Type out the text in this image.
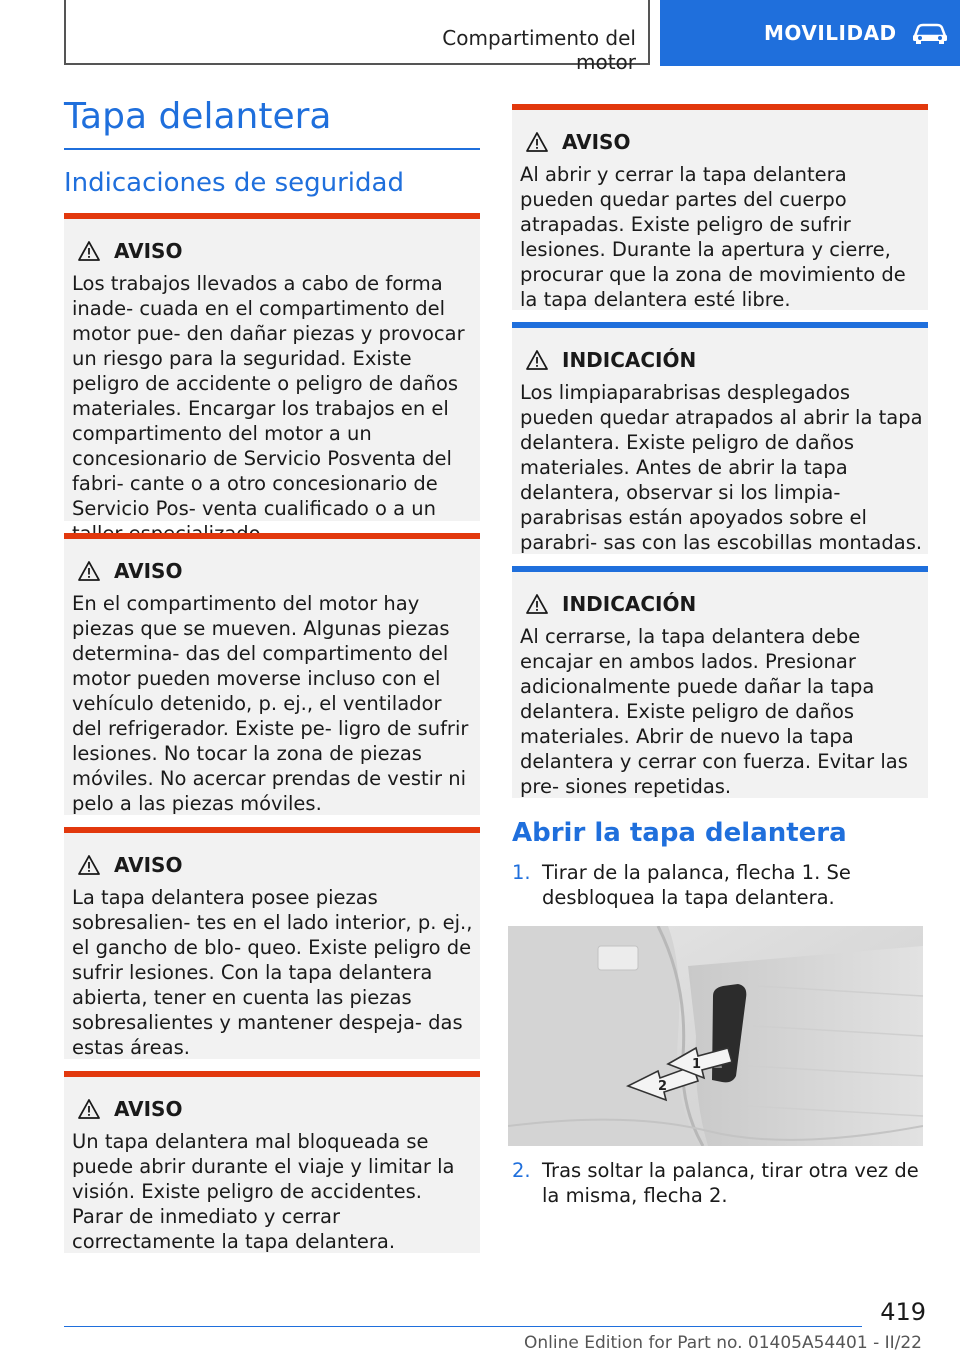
Compartimento del motor
MOVILIDAD
Tapa delantera
Indicaciones de seguridad
AVISO
Los trabajos llevados a cabo de forma inade- cuada en el compartimento del motor pue- den dañar piezas y provocar un riesgo para la seguridad. Existe peligro de accidente o peligro de daños materiales. Encargar los trabajos en el compartimento del motor a un concesionario de Servicio Posventa del fabri- cante o a otro concesionario de Servicio Pos- venta cualificado o a un
AVISO
En el compartimento del motor hay piezas que se mueven. Algunas piezas determina- das del compartimento del motor pueden moverse incluso con el vehículo detenido, p. ej., el ventilador del refrigerador. Existe pe- ligro de sufrir lesiones. No tocar la zona de piezas móviles. No acercar prendas de vestir ni pelo a las piezas móviles.
AVISO
La tapa delantera posee piezas sobresalien- tes en el lado interior, p. ej., el gancho de blo- queo. Existe peligro de sufrir lesiones. Con la tapa delantera abierta, tener en cuenta las piezas sobresalientes y mantener despeja- das estas áreas.
AVISO
Un tapa delantera mal bloqueada se puede abrir durante el viaje y limitar la visión. Existe peligro de accidentes. Parar de inmediato y cerrar correctamente la tapa delantera.
AVISO
Al abrir y cerrar la tapa delantera pueden quedar partes del cuerpo atrapadas. Existe peligro de sufrir lesiones. Durante la apertura y cierre, procurar que la zona de movimiento de la tapa delantera esté libre.
INDICACIÓN
Los limpiaparabrisas desplegados pueden quedar atrapados al abrir la tapa delantera. Existe peligro de daños materiales. Antes de abrir la tapa delantera, observar si los limpia- parabrisas están apoyados sobre el parabri- sas con las escobillas montadas.
INDICACIÓN
Al cerrarse, la tapa delantera debe encajar en ambos lados. Presionar adicionalmente puede dañar la tapa delantera. Existe peligro de daños materiales. Abrir de nuevo la tapa delantera y cerrar con fuerza. Evitar las pre- siones repetidas.
Abrir la tapa delantera
1. Tirar de la palanca, flecha 1. Se desbloquea la tapa delantera.
2
1
2. Tras soltar la palanca, tirar otra vez de la misma, flecha 2.
419
Online Edition for Part no. 01405A54401 - II/22
